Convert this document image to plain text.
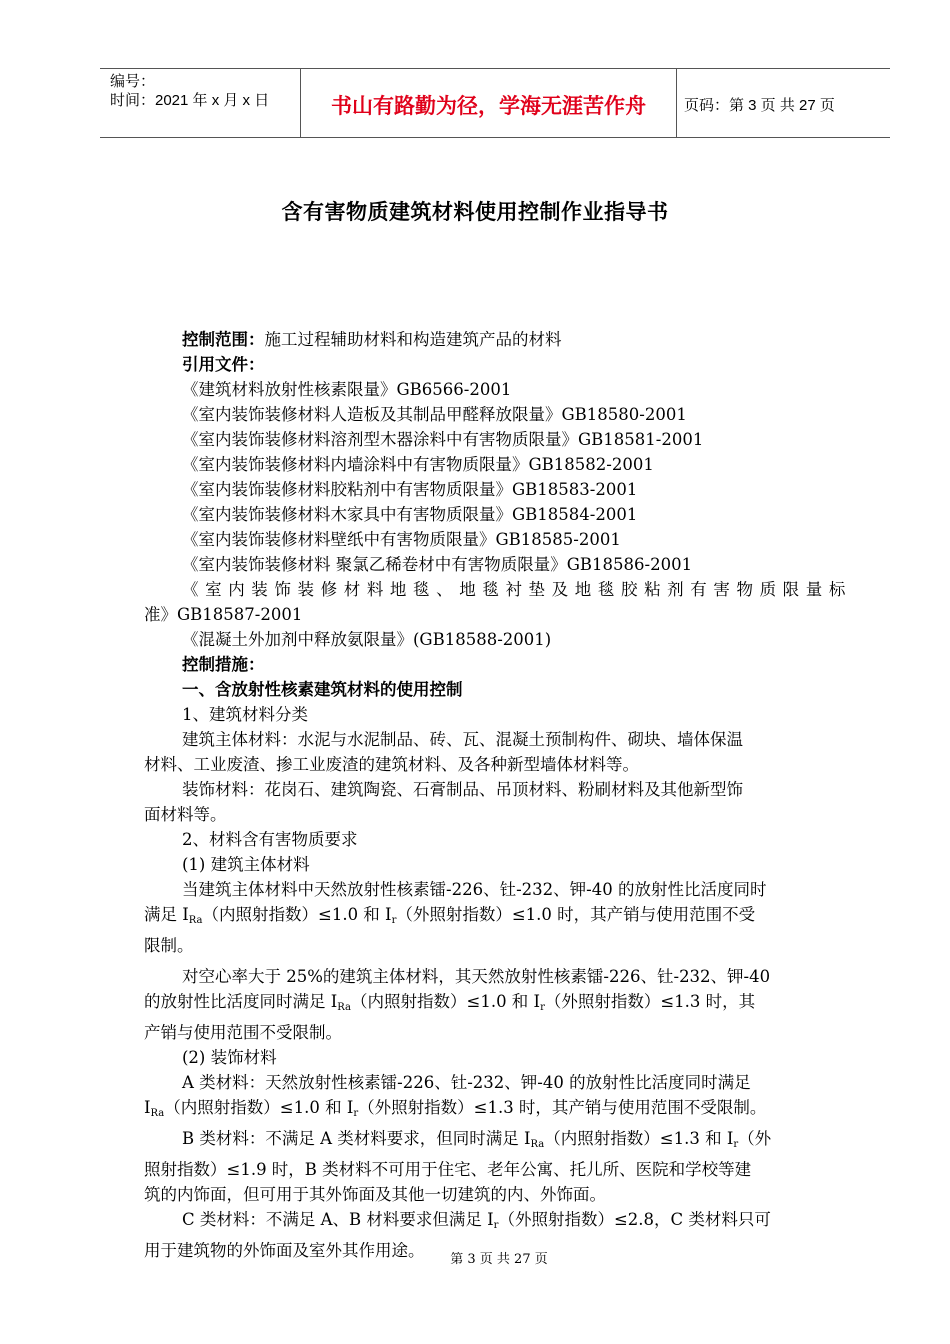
编号：
时间：2021 年 x 月 x 日	书山有路勤为径，学海无涯苦作舟	页码：第 3 页 共 27 页
含有害物质建筑材料使用控制作业指导书

控制范围：施工过程辅助材料和构造建筑产品的材料

引用文件：

《建筑材料放射性核素限量》GB6566-2001

《室内装饰装修材料人造板及其制品甲醛释放限量》GB18580-2001

《室内装饰装修材料溶剂型木器涂料中有害物质限量》GB18581-2001

《室内装饰装修材料内墙涂料中有害物质限量》GB18582-2001

《室内装饰装修材料胶粘剂中有害物质限量》GB18583-2001

《室内装饰装修材料木家具中有害物质限量》GB18584-2001

《室内装饰装修材料壁纸中有害物质限量》GB18585-2001

《室内装饰装修材料 聚氯乙稀卷材中有害物质限量》GB18586-2001

《室内装饰装修材料地毯、地毯衬垫及地毯胶粘剂有害物质限量标

准》GB18587-2001

《混凝土外加剂中释放氨限量》(GB18588-2001)

控制措施：

一、含放射性核素建筑材料的使用控制

1、建筑材料分类

建筑主体材料：水泥与水泥制品、砖、瓦、混凝土预制构件、砌块、墙体保温

材料、工业废渣、掺工业废渣的建筑材料、及各种新型墙体材料等。

装饰材料：花岗石、建筑陶瓷、石膏制品、吊顶材料、粉刷材料及其他新型饰

面材料等。

2、材料含有害物质要求

(1) 建筑主体材料

当建筑主体材料中天然放射性核素镭-226、钍-232、钾-40 的放射性比活度同时

满足 $I_{Ra}$（内照射指数）≤1.0 和 $I_r$（外照射指数）≤1.0 时，其产销与使用范围不受

限制。

对空心率大于 25%的建筑主体材料，其天然放射性核素镭-226、钍-232、钾-40

的放射性比活度同时满足 $I_{Ra}$（内照射指数）≤1.0 和 $I_r$（外照射指数）≤1.3 时，其

产销与使用范围不受限制。

(2) 装饰材料

A 类材料：天然放射性核素镭-226、钍-232、钾-40 的放射性比活度同时满足

$I_{Ra}$（内照射指数）≤1.0 和 $I_r$（外照射指数）≤1.3 时，其产销与使用范围不受限制。

B 类材料：不满足 A 类材料要求，但同时满足 $I_{Ra}$（内照射指数）≤1.3 和 $I_r$（外

照射指数）≤1.9 时，B 类材料不可用于住宅、老年公寓、托儿所、医院和学校等建

筑的内饰面，但可用于其外饰面及其他一切建筑的内、外饰面。

C 类材料：不满足 A、B 材料要求但满足 $I_r$（外照射指数）≤2.8，C 类材料只可

用于建筑物的外饰面及室外其作用途。	第 3 页 共 27 页
